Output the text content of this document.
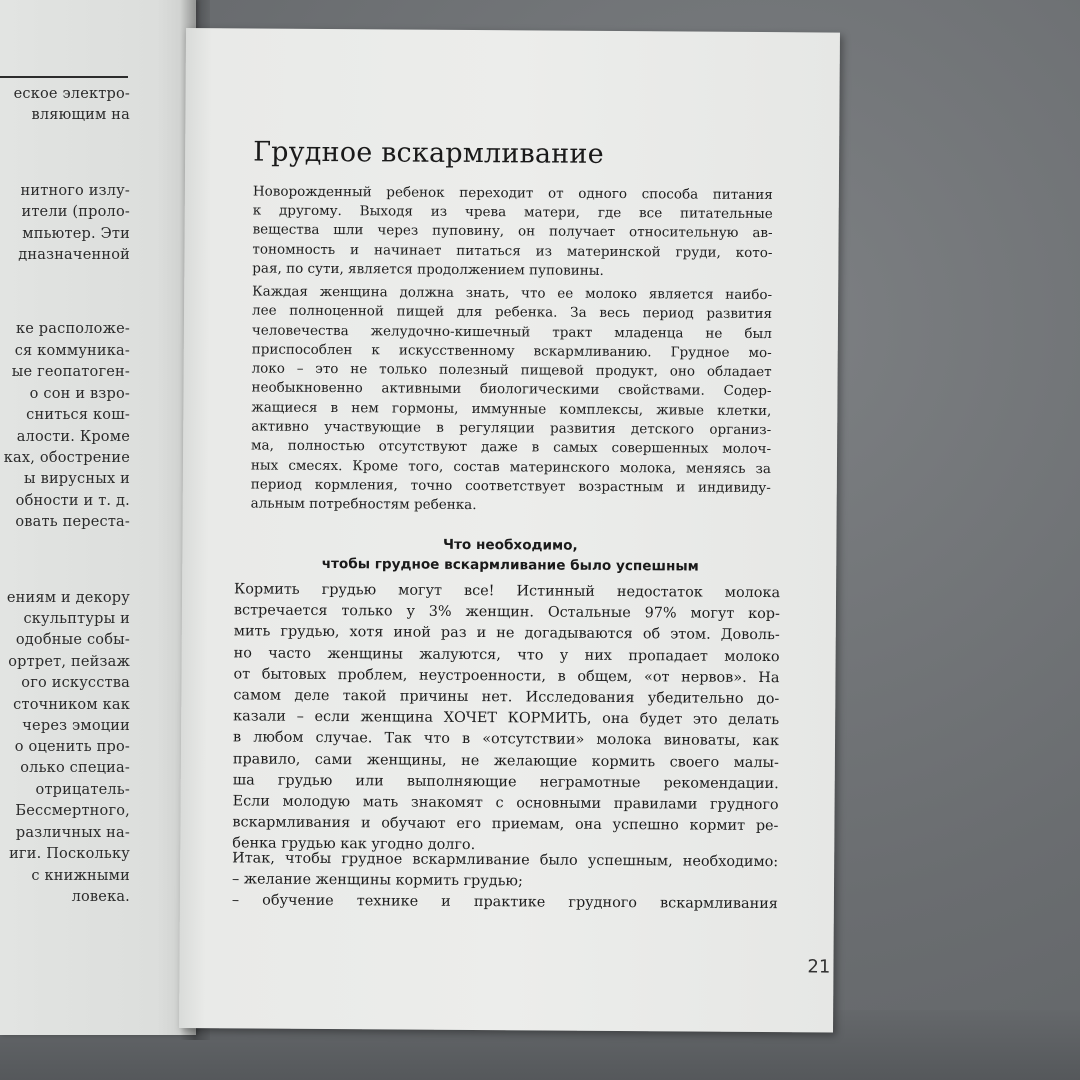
еское электро-
вляющим на
нитного излу-
ители (проло-
мпьютер. Эти
дназначенной
ке расположе-
ся коммуника-
ые геопатоген-
о сон и взро-
сниться кош-
алости. Кроме
ках, обострение
ы вирусных и
обности и т. д.
овать переста-
ениям и декору
скульптуры и
одобные собы-
ортрет, пейзаж
ого искусства
сточником как
через эмоции
о оценить про-
олько специа-
отрицатель-
Бессмертного,
различных на-
иги. Поскольку
с книжными
ловека.
Грудное вскармливание
Новорожденный ребенок переходит от одного способа питания
к другому. Выходя из чрева матери, где все питательные
вещества шли через пуповину, он получает относительную ав-
тономность и начинает питаться из материнской груди, кото-
рая, по сути, является продолжением пуповины.
Каждая женщина должна знать, что ее молоко является наибо-
лее полноценной пищей для ребенка. За весь период развития
человечества желудочно-кишечный тракт младенца не был
приспособлен к искусственному вскармливанию. Грудное мо-
локо – это не только полезный пищевой продукт, оно обладает
необыкновенно активными биологическими свойствами. Содер-
жащиеся в нем гормоны, иммунные комплексы, живые клетки,
активно участвующие в регуляции развития детского организ-
ма, полностью отсутствуют даже в самых совершенных молоч-
ных смесях. Кроме того, состав материнского молока, меняясь за
период кормления, точно соответствует возрастным и индивиду-
альным потребностям ребенка.
Что необходимо,
чтобы грудное вскармливание было успешным
Кормить грудью могут все! Истинный недостаток молока
встречается только у 3% женщин. Остальные 97% могут кор-
мить грудью, хотя иной раз и не догадываются об этом. Доволь-
но часто женщины жалуются, что у них пропадает молоко
от бытовых проблем, неустроенности, в общем, «от нервов». На
самом деле такой причины нет. Исследования убедительно до-
казали – если женщина ХОЧЕТ КОРМИТЬ, она будет это делать
в любом случае. Так что в «отсутствии» молока виноваты, как
правило, сами женщины, не желающие кормить своего малы-
ша грудью или выполняющие неграмотные рекомендации.
Если молодую мать знакомят с основными правилами грудного
вскармливания и обучают его приемам, она успешно кормит ре-
бенка грудью как угодно долго.
Итак, чтобы грудное вскармливание было успешным, необходимо:
– желание женщины кормить грудью;
– обучение технике и практике грудного вскармливания
21
